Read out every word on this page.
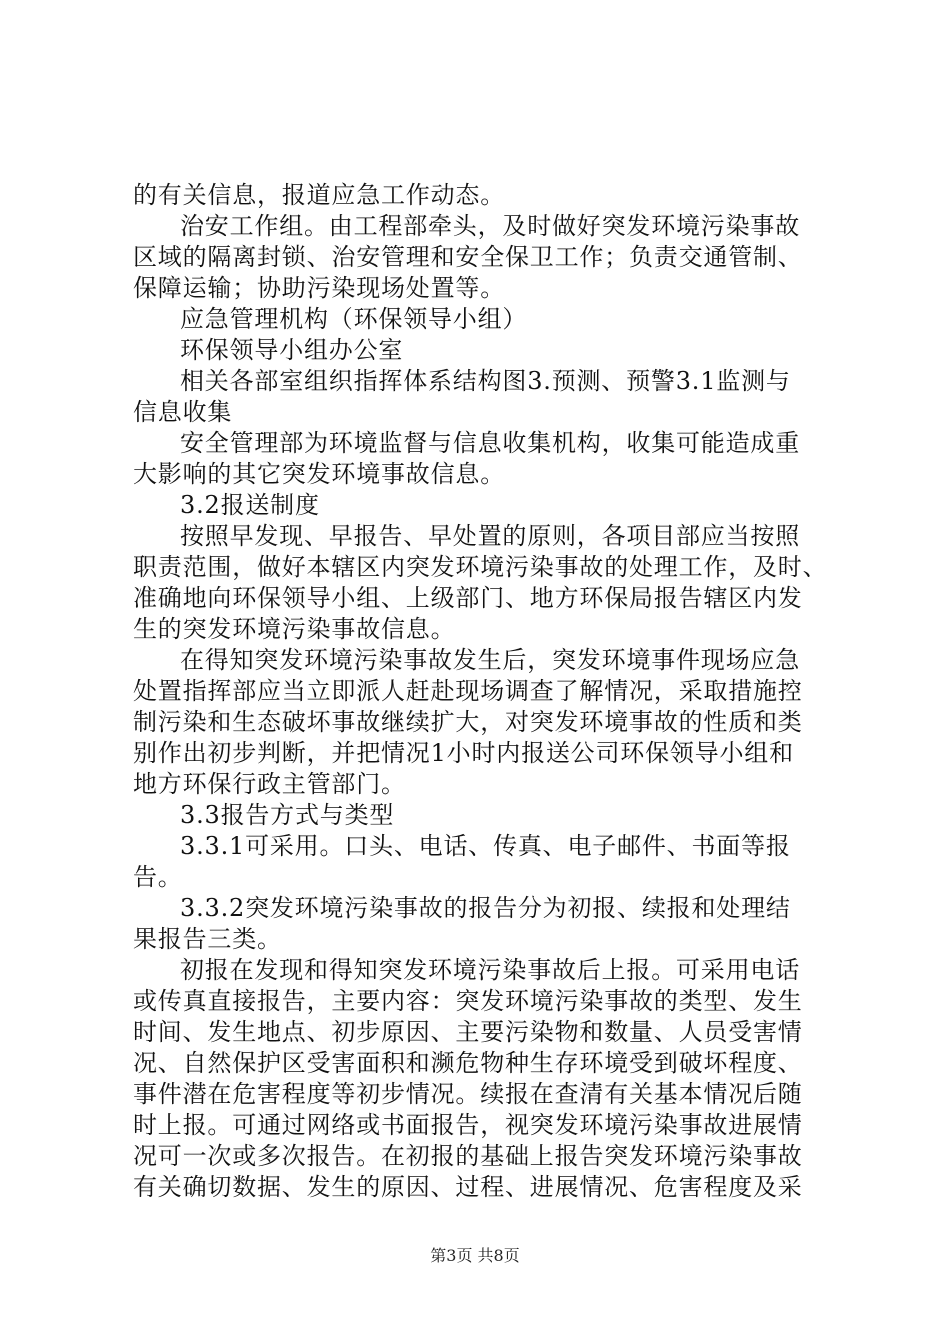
的有关信息，报道应急工作动态。
治安工作组。由工程部牵头，及时做好突发环境污染事故
区域的隔离封锁、治安管理和安全保卫工作；负责交通管制、
保障运输；协助污染现场处置等。
应急管理机构（环保领导小组）
环保领导小组办公室
相关各部室组织指挥体系结构图3.预测、预警3.1监测与
信息收集
安全管理部为环境监督与信息收集机构，收集可能造成重
大影响的其它突发环境事故信息。
3.2报送制度
按照早发现、早报告、早处置的原则，各项目部应当按照
职责范围，做好本辖区内突发环境污染事故的处理工作，及时、
准确地向环保领导小组、上级部门、地方环保局报告辖区内发
生的突发环境污染事故信息。
在得知突发环境污染事故发生后，突发环境事件现场应急
处置指挥部应当立即派人赶赴现场调查了解情况，采取措施控
制污染和生态破坏事故继续扩大，对突发环境事故的性质和类
别作出初步判断，并把情况1小时内报送公司环保领导小组和
地方环保行政主管部门。
3.3报告方式与类型
3.3.1可采用。口头、电话、传真、电子邮件、书面等报
告。
3.3.2突发环境污染事故的报告分为初报、续报和处理结
果报告三类。
初报在发现和得知突发环境污染事故后上报。可采用电话
或传真直接报告，主要内容：突发环境污染事故的类型、发生
时间、发生地点、初步原因、主要污染物和数量、人员受害情
况、自然保护区受害面积和濒危物种生存环境受到破坏程度、
事件潜在危害程度等初步情况。续报在查清有关基本情况后随
时上报。可通过网络或书面报告，视突发环境污染事故进展情
况可一次或多次报告。在初报的基础上报告突发环境污染事故
有关确切数据、发生的原因、过程、进展情况、危害程度及采
第3页 共8页
